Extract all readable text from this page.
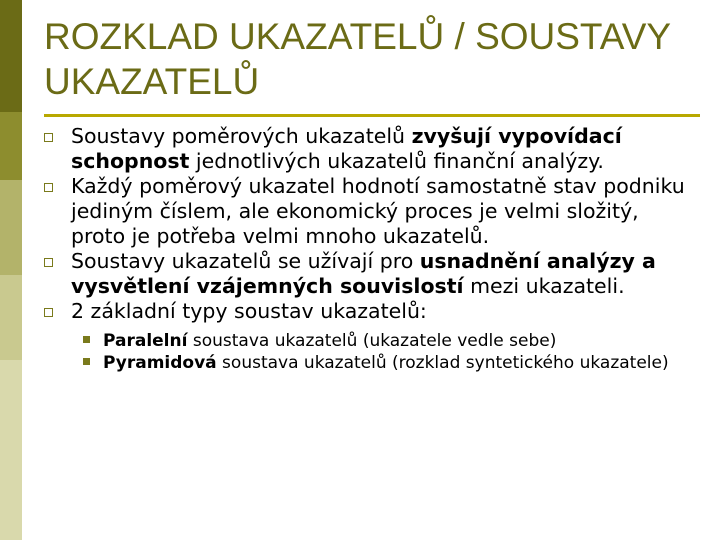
ROZKLAD UKAZATELŮ / SOUSTAVY UKAZATELŮ
Soustavy poměrových ukazatelů zvyšují vypovídací schopnost jednotlivých ukazatelů finanční analýzy.
Každý poměrový ukazatel hodnotí samostatně stav podniku jediným číslem, ale ekonomický proces je velmi složitý, proto je potřeba velmi mnoho ukazatelů.
Soustavy ukazatelů se užívají pro usnadnění analýzy a vysvětlení vzájemných souvislostí mezi ukazateli.
2 základní typy soustav ukazatelů:
Paralelní soustava ukazatelů (ukazatele vedle sebe)
Pyramidová soustava ukazatelů (rozklad syntetického ukazatele)
